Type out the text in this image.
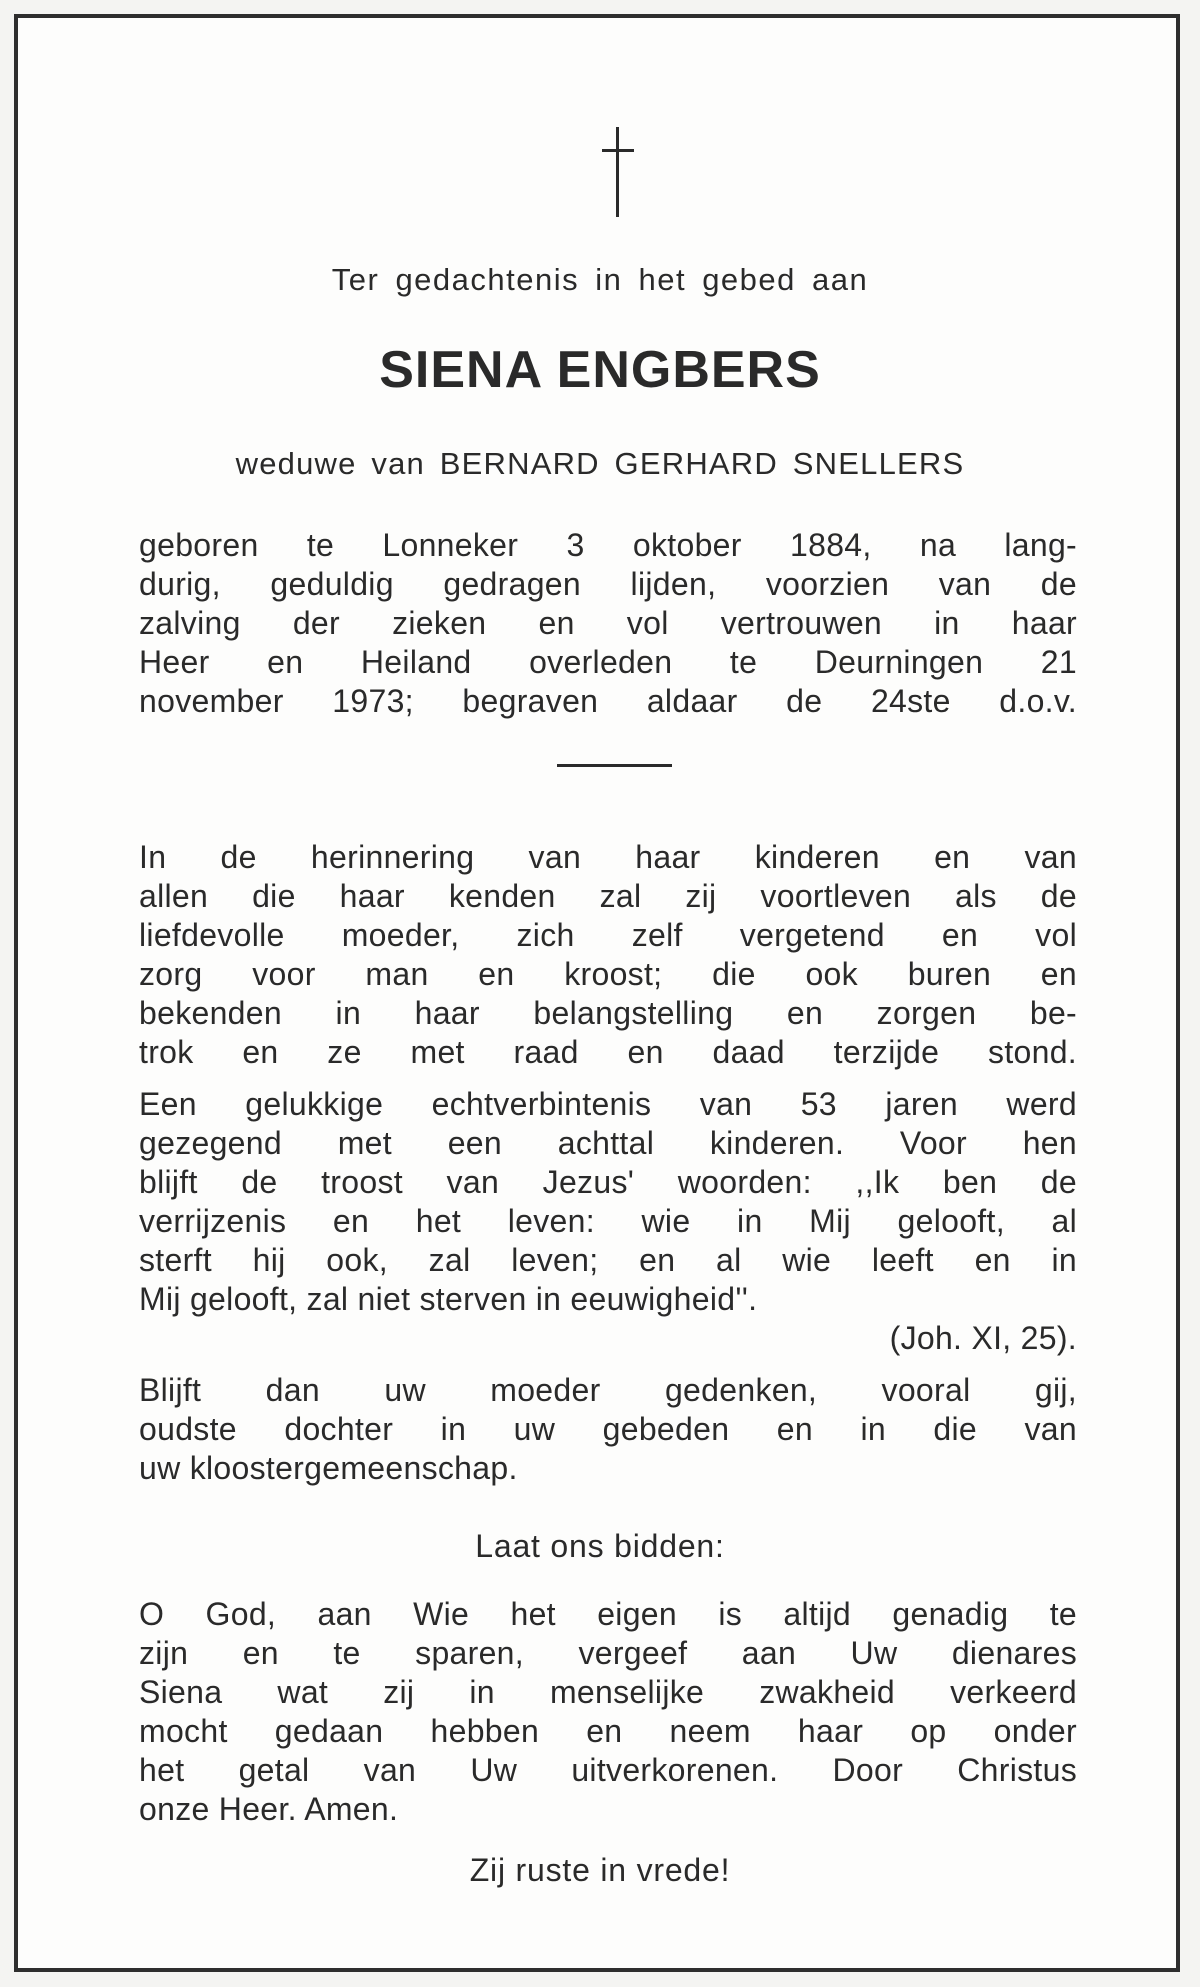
Ter gedachtenis in het gebed aan
SIENA ENGBERS
weduwe van BERNARD GERHARD SNELLERS
geboren te Lonneker 3 oktober 1884, na lang-
durig, geduldig gedragen lijden, voorzien van de
zalving der zieken en vol vertrouwen in haar
Heer en Heiland overleden te Deurningen 21
november 1973; begraven aldaar de 24ste d.o.v.
In de herinnering van haar kinderen en van
allen die haar kenden zal zij voortleven als de
liefdevolle moeder, zich zelf vergetend en vol
zorg voor man en kroost; die ook buren en
bekenden in haar belangstelling en zorgen be-
trok en ze met raad en daad terzijde stond.
Een gelukkige echtverbintenis van 53 jaren werd
gezegend met een achttal kinderen. Voor hen
blijft de troost van Jezus' woorden: ,,Ik ben de
verrijzenis en het leven: wie in Mij gelooft, al
sterft hij ook, zal leven; en al wie leeft en in
Mij gelooft, zal niet sterven in eeuwigheid''.
(Joh. XI, 25).
Blijft dan uw moeder gedenken, vooral gij,
oudste dochter in uw gebeden en in die van
uw kloostergemeenschap.
Laat ons bidden:
O God, aan Wie het eigen is altijd genadig te
zijn en te sparen, vergeef aan Uw dienares
Siena wat zij in menselijke zwakheid verkeerd
mocht gedaan hebben en neem haar op onder
het getal van Uw uitverkorenen. Door Christus
onze Heer. Amen.
Zij ruste in vrede!
